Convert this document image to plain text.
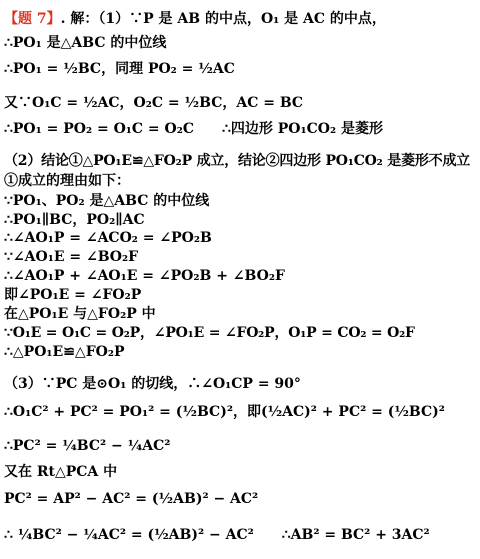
【题 7】. 解：（1）∵P 是 AB 的中点，O₁ 是 AC 的中点，
∴PO₁ 是△ABC 的中位线
∴PO₁ = ½BC，同理 PO₂ = ½AC
又∵O₁C = ½AC，O₂C = ½BC，AC = BC
∴PO₁ = PO₂ = O₁C = O₂C　　∴四边形 PO₁CO₂ 是菱形
（2）结论①△PO₁E≌△FO₂P 成立，结论②四边形 PO₁CO₂ 是菱形不成立
①成立的理由如下：
∵PO₁、PO₂ 是△ABC 的中位线
∴PO₁∥BC，PO₂∥AC
∴∠AO₁P = ∠ACO₂ = ∠PO₂B
∵∠AO₁E = ∠BO₂F
∴∠AO₁P + ∠AO₁E = ∠PO₂B + ∠BO₂F
即∠PO₁E = ∠FO₂P
在△PO₁E 与△FO₂P 中
∵O₁E = O₁C = O₂P，∠PO₁E = ∠FO₂P，O₁P = CO₂ = O₂F
∴△PO₁E≌△FO₂P
（3）∵PC 是⊙O₁ 的切线，∴∠O₁CP = 90°
∴O₁C² + PC² = PO₁² = (½BC)²，即(½AC)² + PC² = (½BC)²
∴PC² = ¼BC² − ¼AC²
又在 Rt△PCA 中
PC² = AP² − AC² = (½AB)² − AC²
∴ ¼BC² − ¼AC² = (½AB)² − AC²　　∴AB² = BC² + 3AC²
